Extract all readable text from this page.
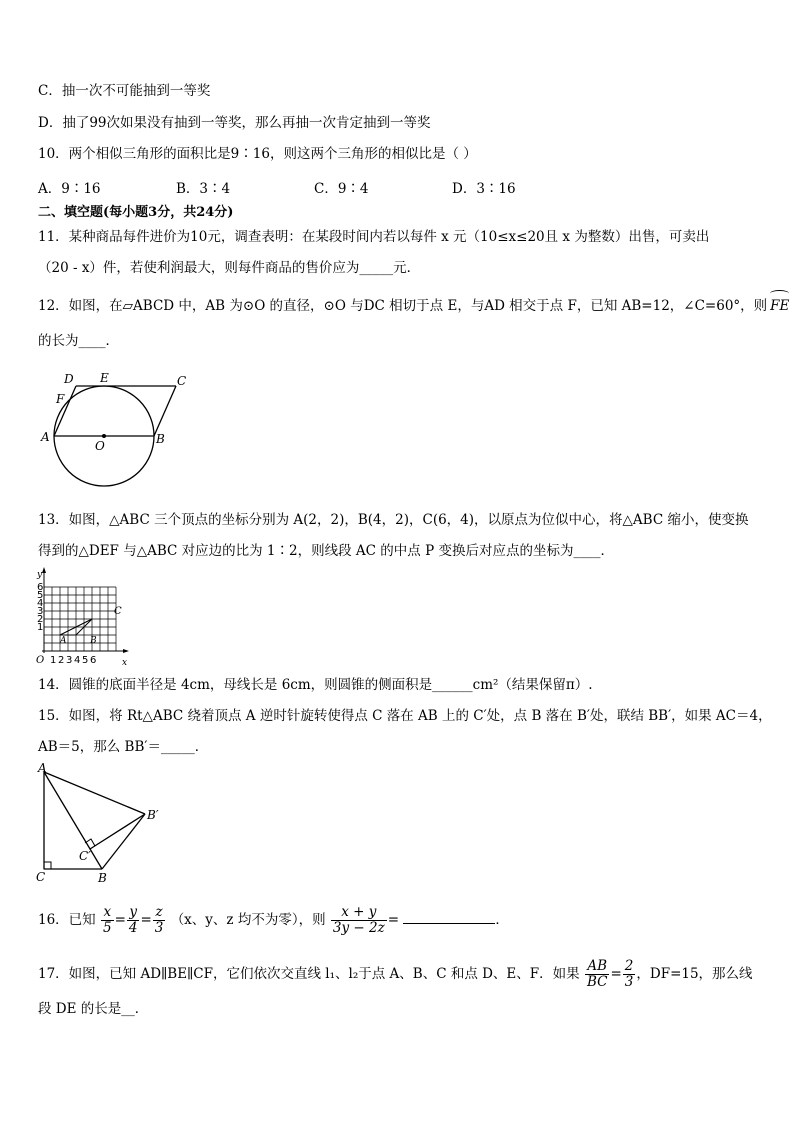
C．抽一次不可能抽到一等奖
D．抽了99次如果没有抽到一等奖，那么再抽一次肯定抽到一等奖
10．两个相似三角形的面积比是9∶16，则这两个三角形的相似比是（ ）
A．9∶16	B．3∶4	C．9∶4	D．3∶16
二、填空题(每小题3分，共24分)
11．某种商品每件进价为10元，调查表明：在某段时间内若以每件 x 元（10≤x≤20且 x 为整数）出售，可卖出
（20 - x）件，若使利润最大，则每件商品的售价应为_____元．
12．如图，在▱ABCD 中，AB 为⊙O 的直径，⊙O 与DC 相切于点 E，与AD 相交于点 F，已知 AB=12，∠C=60°，则 FE
的长为____．
D E	C
F
A
O	B
13．如图，△ABC 三个顶点的坐标分别为 A(2，2)，B(4，2)，C(6，4)，以原点为位似中心，将△ABC 缩小，使变换
得到的△DEF 与△ABC 对应边的比为 1∶2，则线段 AC 的中点 P 变换后对应点的坐标为____．
y
x
O
6
5
4
3
2
1
1 2 3 4 5 6
A	B
C
14．圆锥的底面半径是 4cm，母线长是 6cm，则圆锥的侧面积是______cm²（结果保留π）.
15．如图，将 Rt△ABC 绕着顶点 A 逆时针旋转使得点 C 落在 AB 上的 C′处，点 B 落在 B′处，联结 BB′，如果 AC＝4，
AB＝5，那么 BB′＝_____．
A
B′
C′
C	B
16．已知 $\frac{x}{5} = \frac{y}{4} = \frac{z}{3} (x$、y、z 均不为零），则 $\frac{x + y}{3y - 2z}$ =	．
17．如图，已知 AD∥BE∥CF，它们依次交直线 l₁、l₂于点 A、B、C 和点 D、E、F．如果 $\frac{AB}{BC} = \frac{2}{3}$ ，DF=15，那么线
段 DE 的长是__．
